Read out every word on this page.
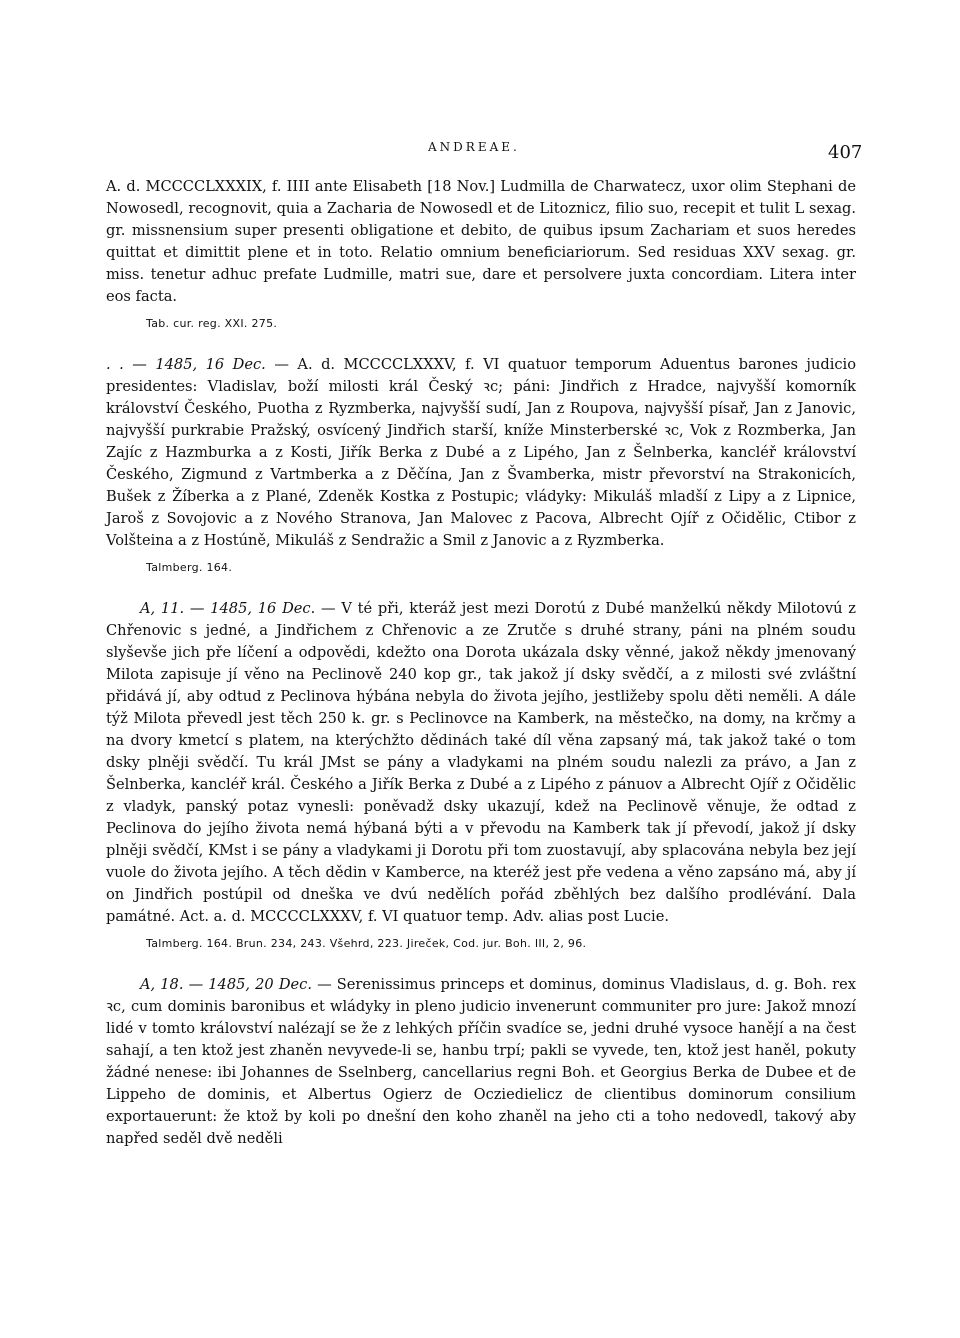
ANDREAE.	407

A. d. MCCCCLXXXIX, f. IIII ante Elisabeth [18 Nov.] Ludmilla de Charwatecz, uxor olim Stephani de Nowosedl, recognovit, quia a Zacharia de Nowosedl et de Litoznicz, filio suo, recepit et tulit L sexag. gr. missnensium super presenti obligatione et debito, de quibus ipsum Zachariam et suos heredes quittat et dimittit plene et in toto. Relatio omnium beneficiariorum. Sed residuas XXV sexag. gr. miss. tenetur adhuc prefate Ludmille, matri sue, dare et persolvere juxta concordiam. Litera inter eos facta.

Tab. cur. reg. XXI. 275.

. . — 1485, 16 Dec. — A. d. MCCCCLXXXV, f. VI quatuor temporum Aduentus barones judicio presidentes: Vladislav, boží milosti král Český ꝛc; páni: Jindřich z Hradce, najvyšší komorník království Českého, Puotha z Ryzmberka, najvyšší sudí, Jan z Roupova, najvyšší písař, Jan z Janovic, najvyšší purkrabie Pražský, osvícený Jindřich starší, kníže Minsterberské ꝛc, Vok z Rozmberka, Jan Zajíc z Hazmburka a z Kosti, Jiřík Berka z Dubé a z Lipého, Jan z Šelnberka, kancléř království Českého, Zigmund z Vartmberka a z Děčína, Jan z Švamberka, mistr převorství na Strakonicích, Bušek z Žíberka a z Plané, Zdeněk Kostka z Postupic; vládyky: Mikuláš mladší z Lipy a z Lipnice, Jaroš z Sovojovic a z Nového Stranova, Jan Malovec z Pacova, Albrecht Ojíř z Očidělic, Ctibor z Volšteina a z Hostúně, Mikuláš z Sendražic a Smil z Janovic a z Ryzmberka.

Talmberg. 164.

A, 11. — 1485, 16 Dec. — V té při, kteráž jest mezi Dorotú z Dubé manželkú někdy Milotovú z Chřenovic s jedné, a Jindřichem z Chřenovic a ze Zrutče s druhé strany, páni na plném soudu slyševše jich pře líčení a odpovědi, kdežto ona Dorota ukázala dsky věnné, jakož někdy jmenovaný Milota zapisuje jí věno na Peclinově 240 kop gr., tak jakož jí dsky svědčí, a z milosti své zvláštní přidává jí, aby odtud z Peclinova hýbána nebyla do života jejího, jestližeby spolu děti neměli. A dále týž Milota převedl jest těch 250 k. gr. s Peclinovce na Kamberk, na městečko, na domy, na krčmy a na dvory kmetcí s platem, na kterýchžto dědinách také díl věna zapsaný má, tak jakož také o tom dsky plněji svědčí. Tu král JMst se pány a vladykami na plném soudu nalezli za právo, a Jan z Šelnberka, kancléř král. Českého a Jiřík Berka z Dubé a z Lipého z pánuov a Albrecht Ojíř z Očidělic z vladyk, panský potaz vynesli: poněvadž dsky ukazují, kdež na Peclinově věnuje, že odtad z Peclinova do jejího života nemá hýbaná býti a v převodu na Kamberk tak jí převodí, jakož jí dsky plněji svědčí, KMst i se pány a vladykami ji Dorotu při tom zuostavují, aby splacována nebyla bez její vuole do života jejího. A těch dědin v Kamberce, na kteréž jest pře vedena a věno zapsáno má, aby jí on Jindřich postúpil od dneška ve dvú nedělích pořád zběhlých bez dalšího prodlévání. Dala památné. Act. a. d. MCCCCLXXXV, f. VI quatuor temp. Adv. alias post Lucie.

Talmberg. 164. Brun. 234, 243. Všehrd, 223. Jireček, Cod. jur. Boh. III, 2, 96.

A, 18. — 1485, 20 Dec. — Serenissimus princeps et dominus, dominus Vladislaus, d. g. Boh. rex ꝛc, cum dominis baronibus et wládyky in pleno judicio invenerunt communiter pro jure: Jakož mnozí lidé v tomto království nalézají se že z lehkých příčin svadíce se, jedni druhé vysoce hanějí a na čest sahají, a ten ktož jest zhaněn nevyvede-li se, hanbu trpí; pakli se vyvede, ten, ktož jest haněl, pokuty žádné nenese: ibi Johannes de Sselnberg, cancellarius regni Boh. et Georgius Berka de Dubee et de Lippeho de dominis, et Albertus Ogierz de Ocziedielicz de clientibus dominorum consilium exportauerunt: že ktož by koli po dnešní den koho zhaněl na jeho cti a toho nedovedl, takový aby napřed seděl dvě neděli
